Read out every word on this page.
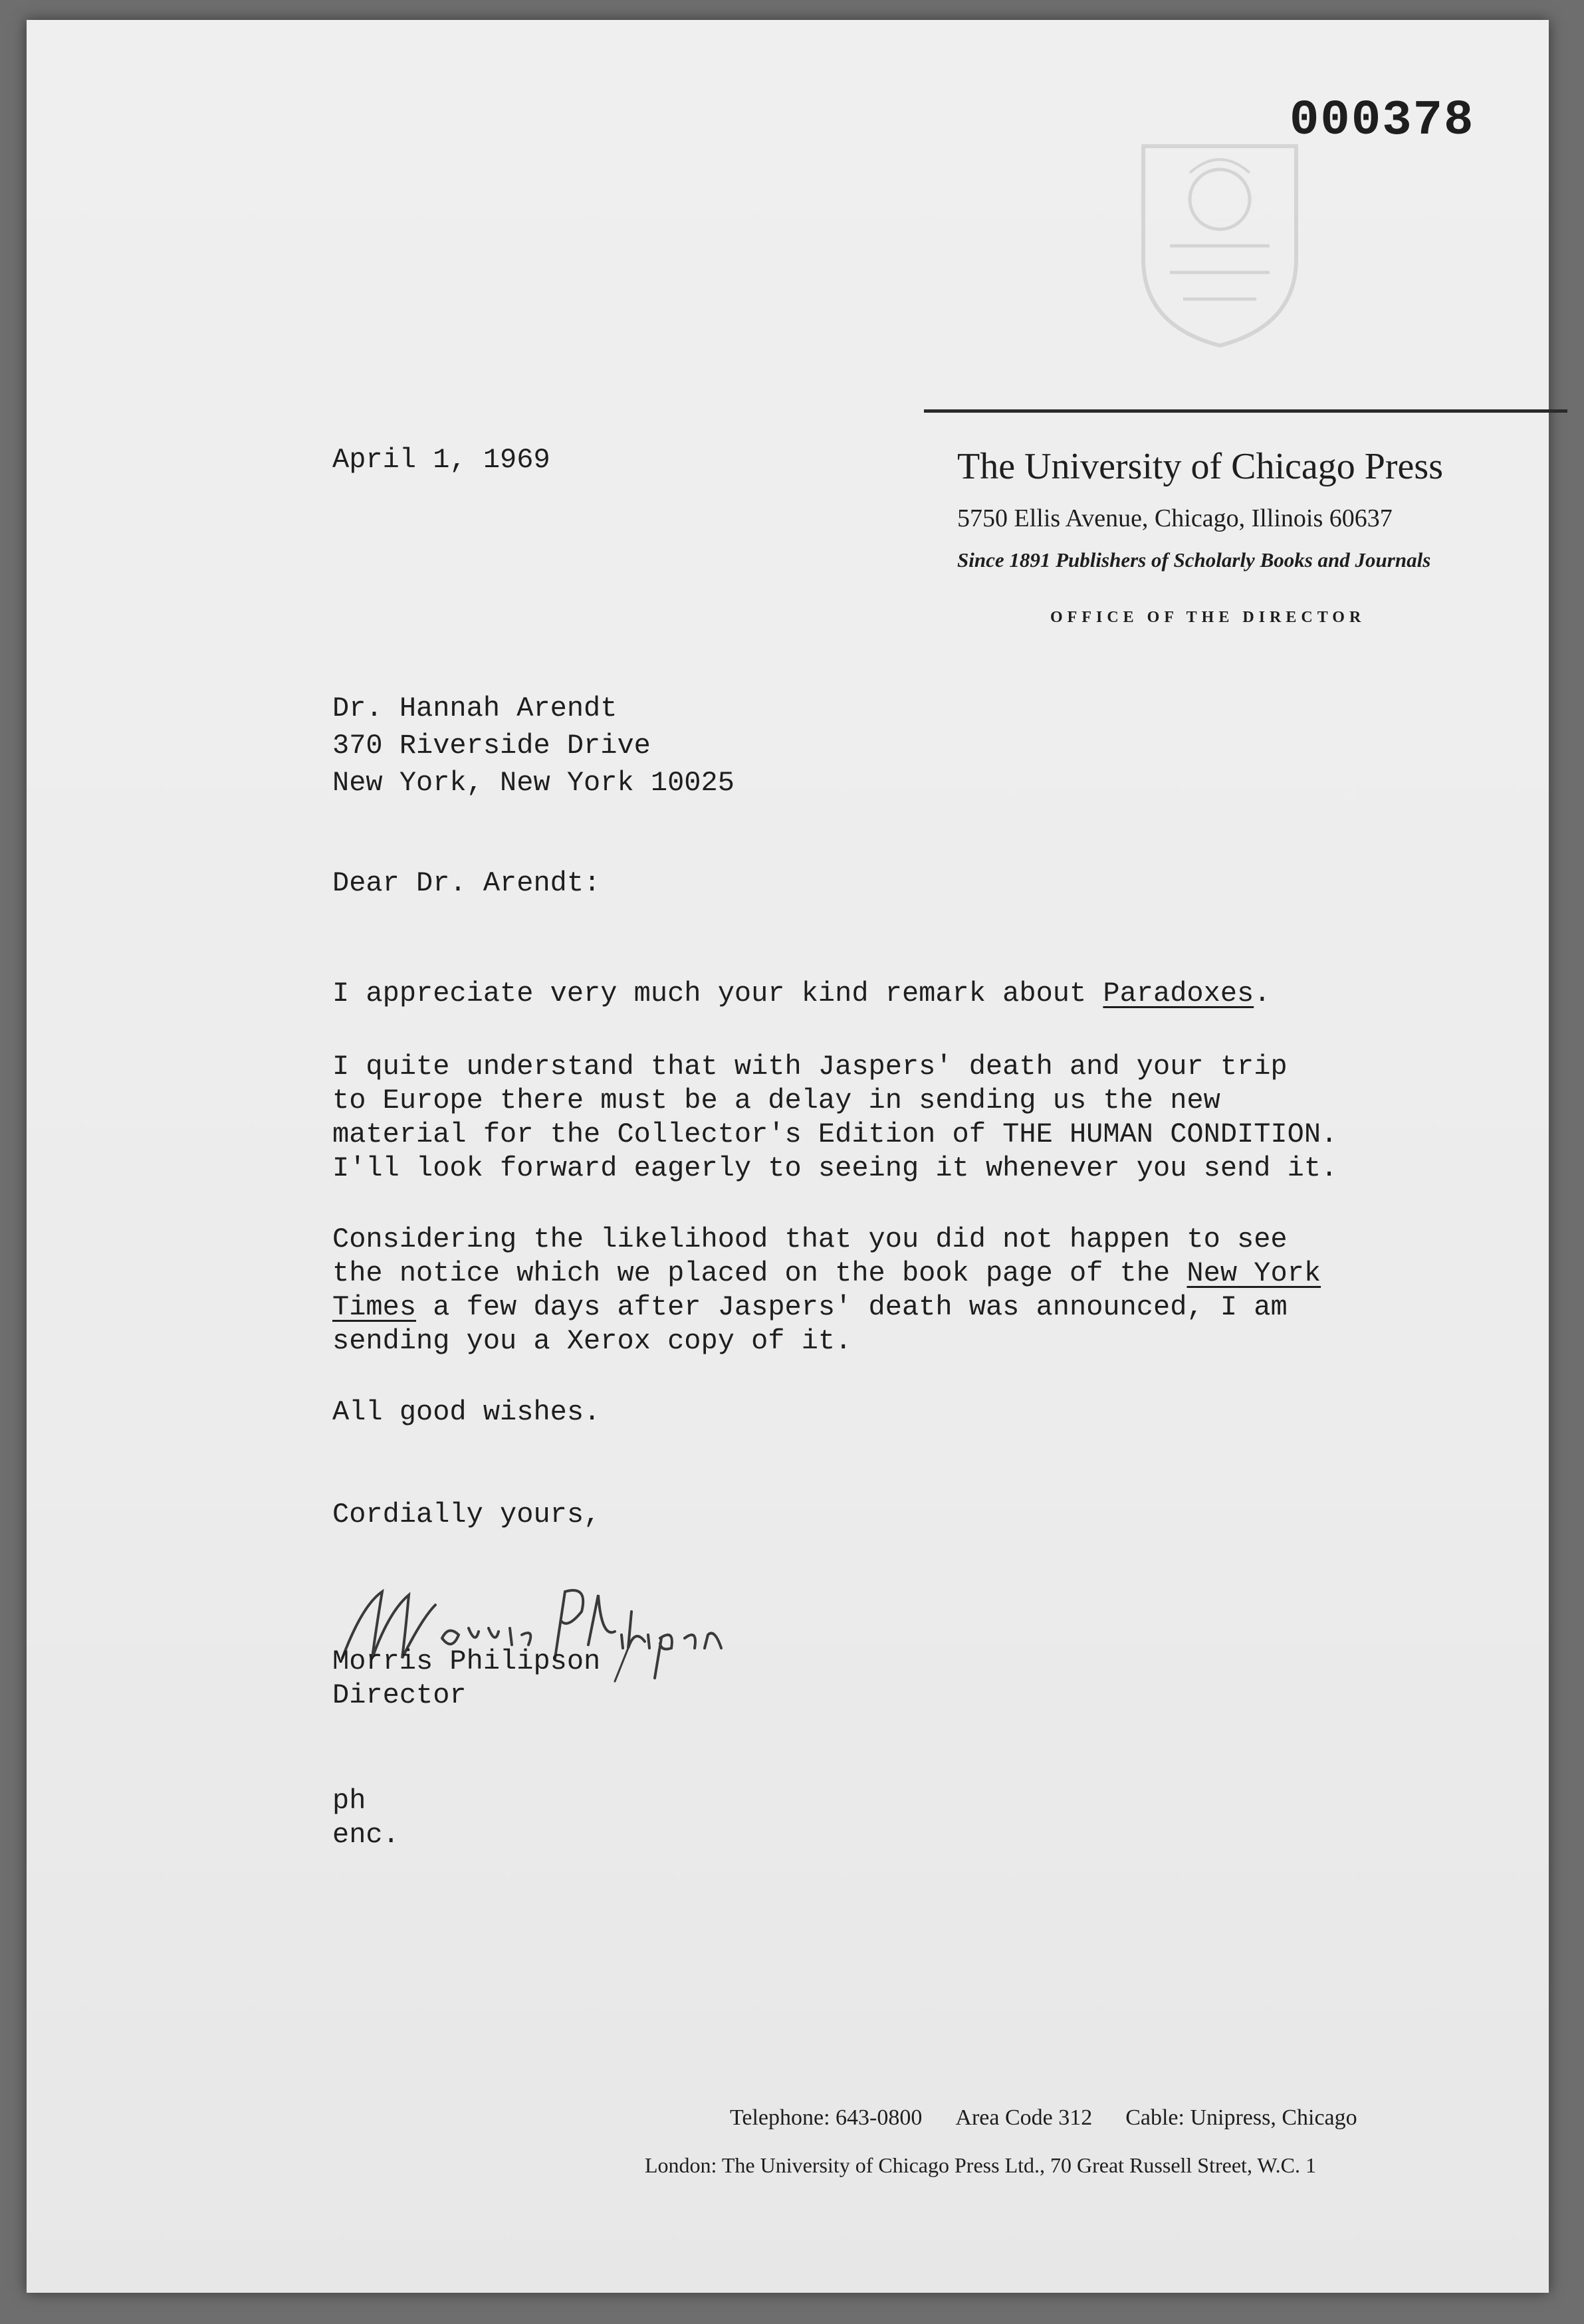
000378
The University of Chicago Press
5750 Ellis Avenue, Chicago, Illinois 60637
Since 1891 Publishers of Scholarly Books and Journals
OFFICE OF THE DIRECTOR
April 1, 1969
Dr. Hannah Arendt
370 Riverside Drive
New York, New York 10025
Dear Dr. Arendt:
I appreciate very much your kind remark about Paradoxes.
I quite understand that with Jaspers' death and your trip
to Europe there must be a delay in sending us the new
material for the Collector's Edition of THE HUMAN CONDITION.
I'll look forward eagerly to seeing it whenever you send it.
Considering the likelihood that you did not happen to see
the notice which we placed on the book page of the New York
Times a few days after Jaspers' death was announced, I am
sending you a Xerox copy of it.
All good wishes.
Cordially yours,
Morris Philipson
Director
ph
enc.
Telephone: 643-0800 Area Code 312 Cable: Unipress, Chicago
London: The University of Chicago Press Ltd., 70 Great Russell Street, W.C. 1
